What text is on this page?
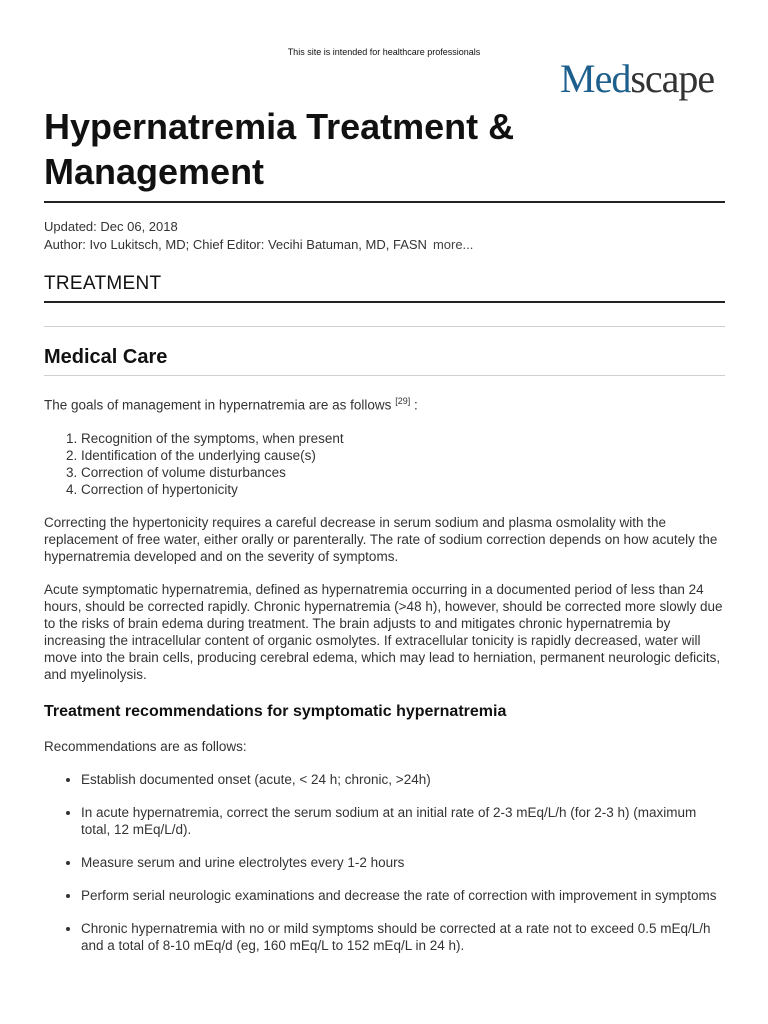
This site is intended for healthcare professionals
Medscape
Hypernatremia Treatment & Management
Updated: Dec 06, 2018
Author: Ivo Lukitsch, MD; Chief Editor: Vecihi Batuman, MD, FASN more...
TREATMENT
Medical Care

The goals of management in hypernatremia are as follows [29] :

1. Recognition of the symptoms, when present
2. Identification of the underlying cause(s)
3. Correction of volume disturbances
4. Correction of hypertonicity

Correcting the hypertonicity requires a careful decrease in serum sodium and plasma osmolality with the replacement of free water, either orally or parenterally. The rate of sodium correction depends on how acutely the hypernatremia developed and on the severity of symptoms.

Acute symptomatic hypernatremia, defined as hypernatremia occurring in a documented period of less than 24 hours, should be corrected rapidly. Chronic hypernatremia (>48 h), however, should be corrected more slowly due to the risks of brain edema during treatment. The brain adjusts to and mitigates chronic hypernatremia by increasing the intracellular content of organic osmolytes. If extracellular tonicity is rapidly decreased, water will move into the brain cells, producing cerebral edema, which may lead to herniation, permanent neurologic deficits, and myelinolysis.

Treatment recommendations for symptomatic hypernatremia

Recommendations are as follows:

• Establish documented onset (acute, < 24 h; chronic, >24h)
• In acute hypernatremia, correct the serum sodium at an initial rate of 2-3 mEq/L/h (for 2-3 h) (maximum total, 12 mEq/L/d).
• Measure serum and urine electrolytes every 1-2 hours
• Perform serial neurologic examinations and decrease the rate of correction with improvement in symptoms
• Chronic hypernatremia with no or mild symptoms should be corrected at a rate not to exceed 0.5 mEq/L/h and a total of 8-10 mEq/d (eg, 160 mEq/L to 152 mEq/L in 24 h).
